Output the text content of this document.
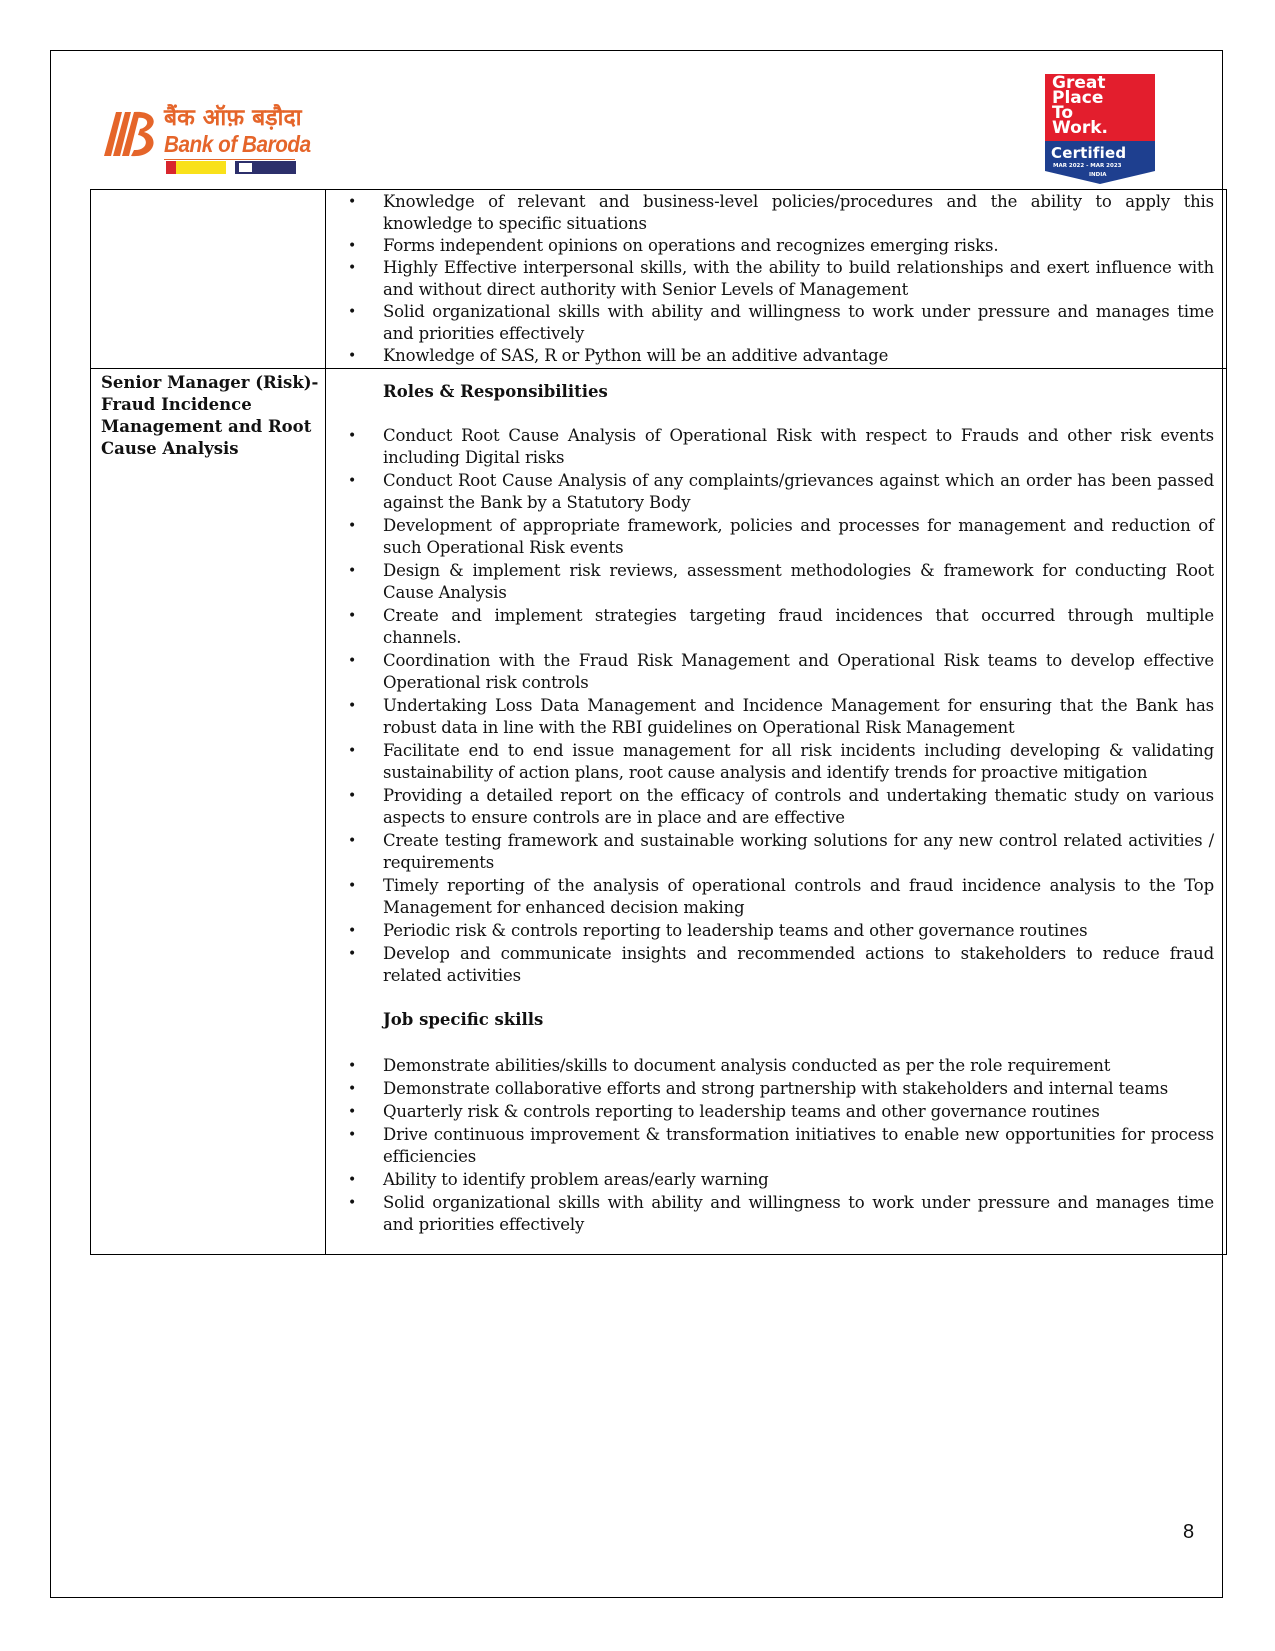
बैंक ऑफ़ बड़ौदा
Bank of Baroda
Great
Place
To
Work.
Certified
MAR 2022 - MAR 2023
INDIA
• Knowledge of relevant and business-level policies/procedures and the ability to apply this knowledge to specific situations
• Forms independent opinions on operations and recognizes emerging risks.
• Highly Effective interpersonal skills, with the ability to build relationships and exert influence with and without direct authority with Senior Levels of Management
• Solid organizational skills with ability and willingness to work under pressure and manages time and priorities effectively
• Knowledge of SAS, R or Python will be an additive advantage
Senior Manager (Risk)- Fraud Incidence Management and Root Cause Analysis
Roles & Responsibilities
• Conduct Root Cause Analysis of Operational Risk with respect to Frauds and other risk events including Digital risks
• Conduct Root Cause Analysis of any complaints/grievances against which an order has been passed against the Bank by a Statutory Body
• Development of appropriate framework, policies and processes for management and reduction of such Operational Risk events
• Design & implement risk reviews, assessment methodologies & framework for conducting Root Cause Analysis
• Create and implement strategies targeting fraud incidences that occurred through multiple channels.
• Coordination with the Fraud Risk Management and Operational Risk teams to develop effective Operational risk controls
• Undertaking Loss Data Management and Incidence Management for ensuring that the Bank has robust data in line with the RBI guidelines on Operational Risk Management
• Facilitate end to end issue management for all risk incidents including developing & validating sustainability of action plans, root cause analysis and identify trends for proactive mitigation
• Providing a detailed report on the efficacy of controls and undertaking thematic study on various aspects to ensure controls are in place and are effective
• Create testing framework and sustainable working solutions for any new control related activities / requirements
• Timely reporting of the analysis of operational controls and fraud incidence analysis to the Top Management for enhanced decision making
• Periodic risk & controls reporting to leadership teams and other governance routines
• Develop and communicate insights and recommended actions to stakeholders to reduce fraud related activities
Job specific skills
• Demonstrate abilities/skills to document analysis conducted as per the role requirement
• Demonstrate collaborative efforts and strong partnership with stakeholders and internal teams
• Quarterly risk & controls reporting to leadership teams and other governance routines
• Drive continuous improvement & transformation initiatives to enable new opportunities for process efficiencies
• Ability to identify problem areas/early warning
• Solid organizational skills with ability and willingness to work under pressure and manages time and priorities effectively
8
